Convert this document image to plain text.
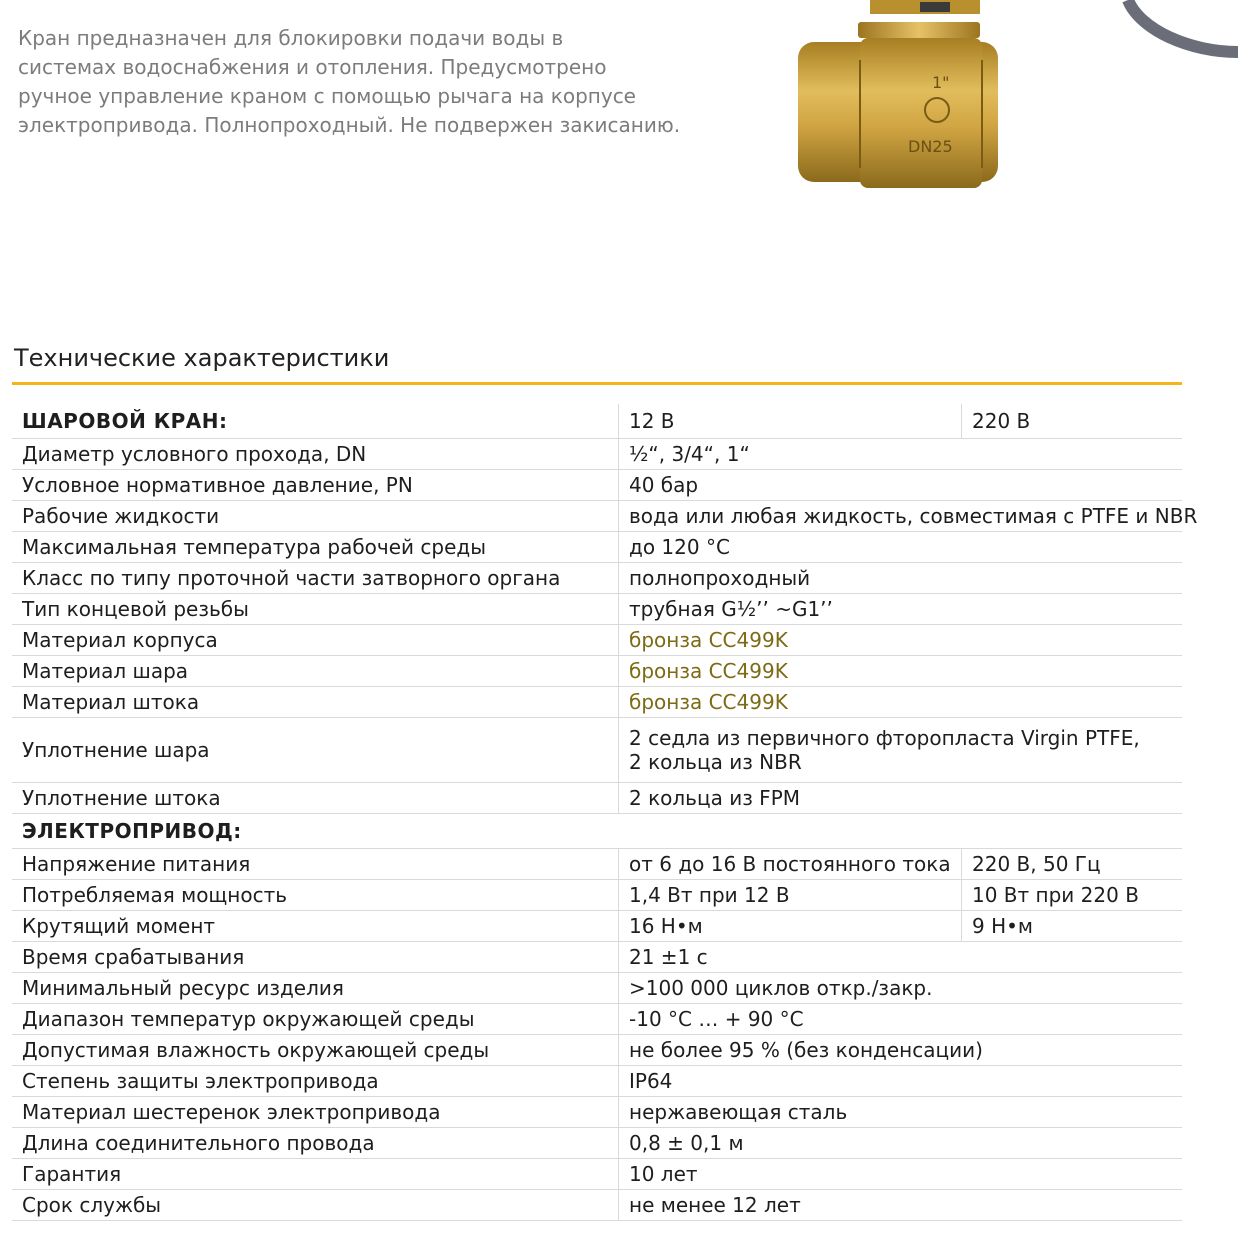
Кран предназначен для блокировки подачи воды в
системах водоснабжения и отопления. Предусмотрено
ручное управление краном с помощью рычага на корпусе
электропривода. Полнопроходный. Не подвержен закисанию.

1"
DN25
Технические характеристики
ШАРОВОЙ КРАН:	12 В	220 В
Диаметр условного прохода, DN	½“, 3/4“, 1“	
Условное нормативное давление, PN	40 бар	
Рабочие жидкости	вода или любая жидкость, совместимая с PTFE и NBR	
Максимальная температура рабочей среды	до 120 °C	
Класс по типу проточной части затворного органа	полнопроходный	
Тип концевой резьбы	трубная G½’’ ~G1’’	
Материал корпуса	бронза CC499K	
Материал шара	бронза CC499K	
Материал штока	бронза CC499K	
Уплотнение шара	2 седла из первичного фторопласта Virgin PTFE,
2 кольца из NBR	

Уплотнение штока	2 кольца из FPM	
ЭЛЕКТРОПРИВОД:		
Напряжение питания	от 6 до 16 В постоянного тока	220 В, 50 Гц
Потребляемая мощность	1,4 Вт при 12 В	10 Вт при 220 В
Крутящий момент	16 Н•м	9 Н•м
Время срабатывания	21 ±1 с	
Минимальный ресурс изделия	>100 000 циклов откр./закр.	
Диапазон температур окружающей среды	-10 °C … + 90 °C	
Допустимая влажность окружающей среды	не более 95 % (без конденсации)	
Степень защиты электропривода	IP64	
Материал шестеренок электропривода	нержавеющая сталь	
Длина соединительного провода	0,8 ± 0,1 м	
Гарантия	10 лет	
Срок службы	не менее 12 лет	
